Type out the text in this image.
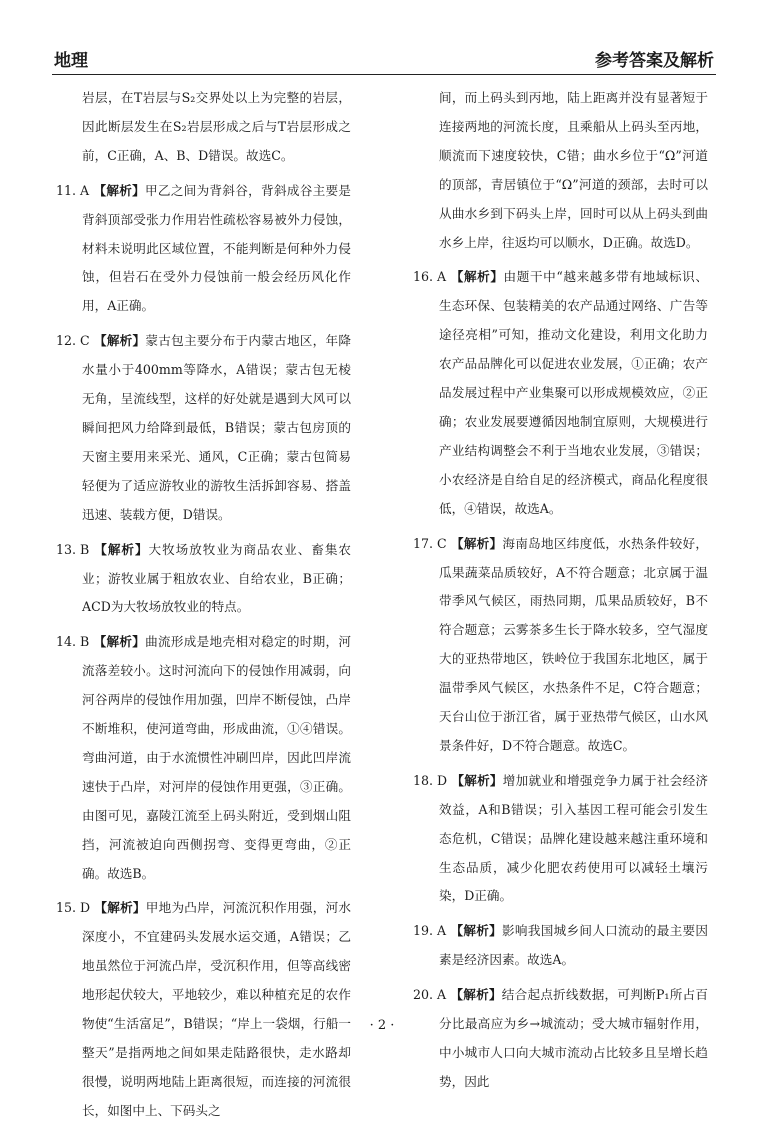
地理	参考答案及解析

岩层，在T岩层与S₂交界处以上为完整的岩层，因此断层发生在S₂岩层形成之后与T岩层形成之前，C正确，A、B、D错误。故选C。

11. A 【解析】甲乙之间为背斜谷，背斜成谷主要是背斜顶部受张力作用岩性疏松容易被外力侵蚀，材料未说明此区域位置，不能判断是何种外力侵蚀，但岩石在受外力侵蚀前一般会经历风化作用，A正确。

12. C 【解析】蒙古包主要分布于内蒙古地区，年降水量小于400mm等降水，A错误；蒙古包无棱无角，呈流线型，这样的好处就是遇到大风可以瞬间把风力给降到最低，B错误；蒙古包房顶的天窗主要用来采光、通风，C正确；蒙古包简易轻便为了适应游牧业的游牧生活拆卸容易、搭盖迅速、装载方便，D错误。

13. B 【解析】大牧场放牧业为商品农业、畜集农业；游牧业属于粗放农业、自给农业，B正确；ACD为大牧场放牧业的特点。

14. B 【解析】曲流形成是地壳相对稳定的时期，河流落差较小。这时河流向下的侵蚀作用减弱，向河谷两岸的侵蚀作用加强，凹岸不断侵蚀，凸岸不断堆积，使河道弯曲，形成曲流，①④错误。弯曲河道，由于水流惯性冲刷凹岸，因此凹岸流速快于凸岸，对河岸的侵蚀作用更强，③正确。由图可见，嘉陵江流至上码头附近，受到烟山阻挡，河流被迫向西侧拐弯、变得更弯曲，②正确。故选B。

15. D 【解析】甲地为凸岸，河流沉积作用强，河水深度小，不宜建码头发展水运交通，A错误；乙地虽然位于河流凸岸，受沉积作用，但等高线密地形起伏较大，平地较少，难以种植充足的农作物使“生活富足”，B错误；“岸上一袋烟，行船一整天”是指两地之间如果走陆路很快，走水路却很慢，说明两地陆上距离很短，而连接的河流很长，如图中上、下码头之

间，而上码头到丙地，陆上距离并没有显著短于连接两地的河流长度，且乘船从上码头至丙地，顺流而下速度较快，C错；曲水乡位于“Ω”河道的顶部，青居镇位于“Ω”河道的颈部，去时可以从曲水乡到下码头上岸，回时可以从上码头到曲水乡上岸，往返均可以顺水，D正确。故选D。

16. A 【解析】由题干中“越来越多带有地域标识、生态环保、包装精美的农产品通过网络、广告等途径亮相”可知，推动文化建设，利用文化助力农产品品牌化可以促进农业发展，①正确；农产品发展过程中产业集聚可以形成规模效应，②正确；农业发展要遵循因地制宜原则，大规模进行产业结构调整会不利于当地农业发展，③错误；小农经济是自给自足的经济模式，商品化程度很低，④错误，故选A。

17. C 【解析】海南岛地区纬度低，水热条件较好，瓜果蔬菜品质较好，A不符合题意；北京属于温带季风气候区，雨热同期，瓜果品质较好，B不符合题意；云雾茶多生长于降水较多，空气湿度大的亚热带地区，铁岭位于我国东北地区，属于温带季风气候区，水热条件不足，C符合题意；天台山位于浙江省，属于亚热带气候区，山水风景条件好，D不符合题意。故选C。

18. D 【解析】增加就业和增强竞争力属于社会经济效益，A和B错误；引入基因工程可能会引发生态危机，C错误；品牌化建设越来越注重环境和生态品质，减少化肥农药使用可以减轻土壤污染，D正确。

19. A 【解析】影响我国城乡间人口流动的最主要因素是经济因素。故选A。

20. A 【解析】结合起点折线数据，可判断P₁所占百分比最高应为乡→城流动；受大城市辐射作用，中小城市人口向大城市流动占比较多且呈增长趋势，因此

· 2 ·
